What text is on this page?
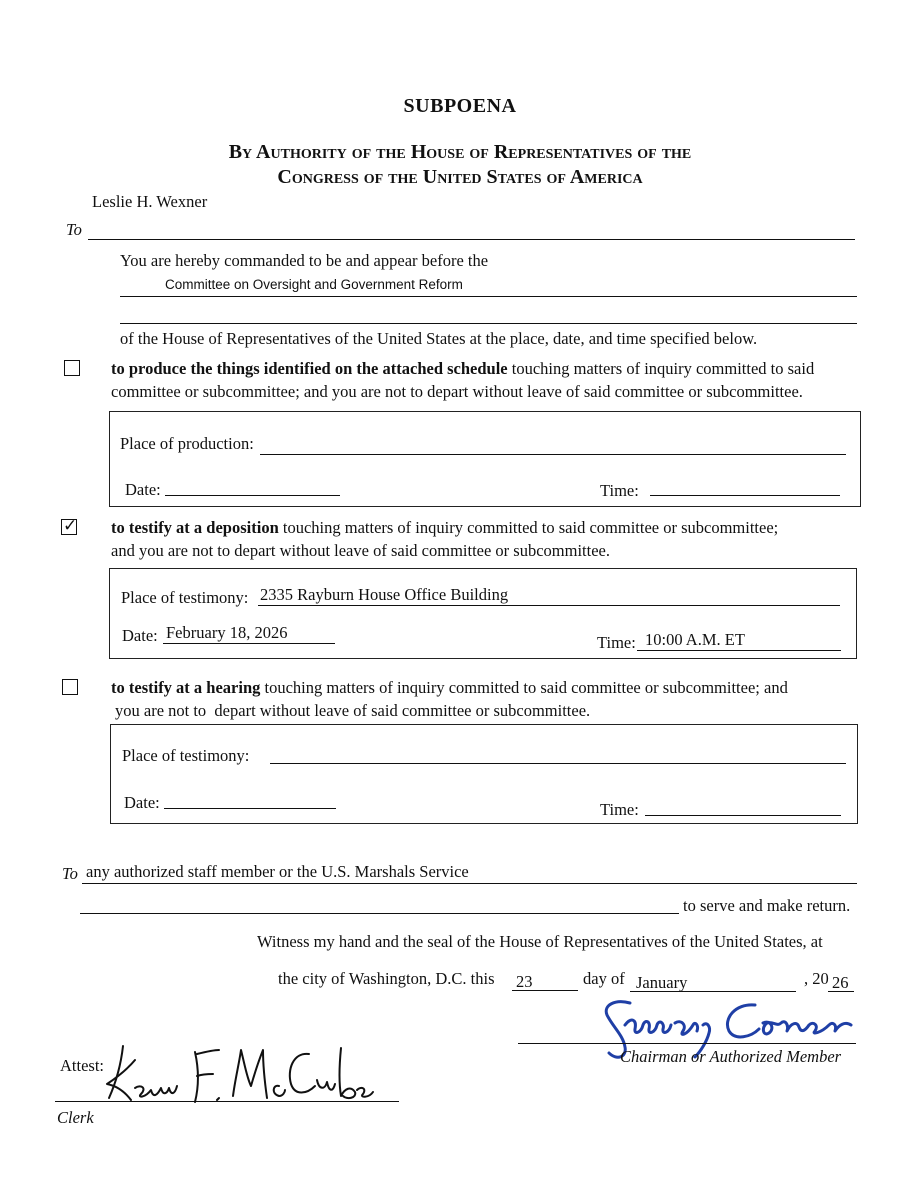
SUBPOENA
By Authority of the House of Representatives of the
Congress of the United States of America
Leslie H. Wexner
To
You are hereby commanded to be and appear before the
Committee on Oversight and Government Reform
of the House of Representatives of the United States at the place, date, and time specified below.
to produce the things identified on the attached schedule touching matters of inquiry committed to said
committee or subcommittee; and you are not to depart without leave of said committee or subcommittee.
Place of production:
Date:	Time:
✓ to testify at a deposition touching matters of inquiry committed to said committee or subcommittee;
and you are not to depart without leave of said committee or subcommittee.
Place of testimony: 2335 Rayburn House Office Building
Date: February 18, 2026
Time: 10:00 A.M. ET
to testify at a hearing touching matters of inquiry committed to said committee or subcommittee; and
you are not to  depart without leave of said committee or subcommittee.
Place of testimony:
Date:	Time:
To any authorized staff member or the U.S. Marshals Service
to serve and make return.
Witness my hand and the seal of the House of Representatives of the United States, at
the city of Washington, D.C. this 23	day of January	, 20 26
Chairman or Authorized Member
Attest:
Clerk
